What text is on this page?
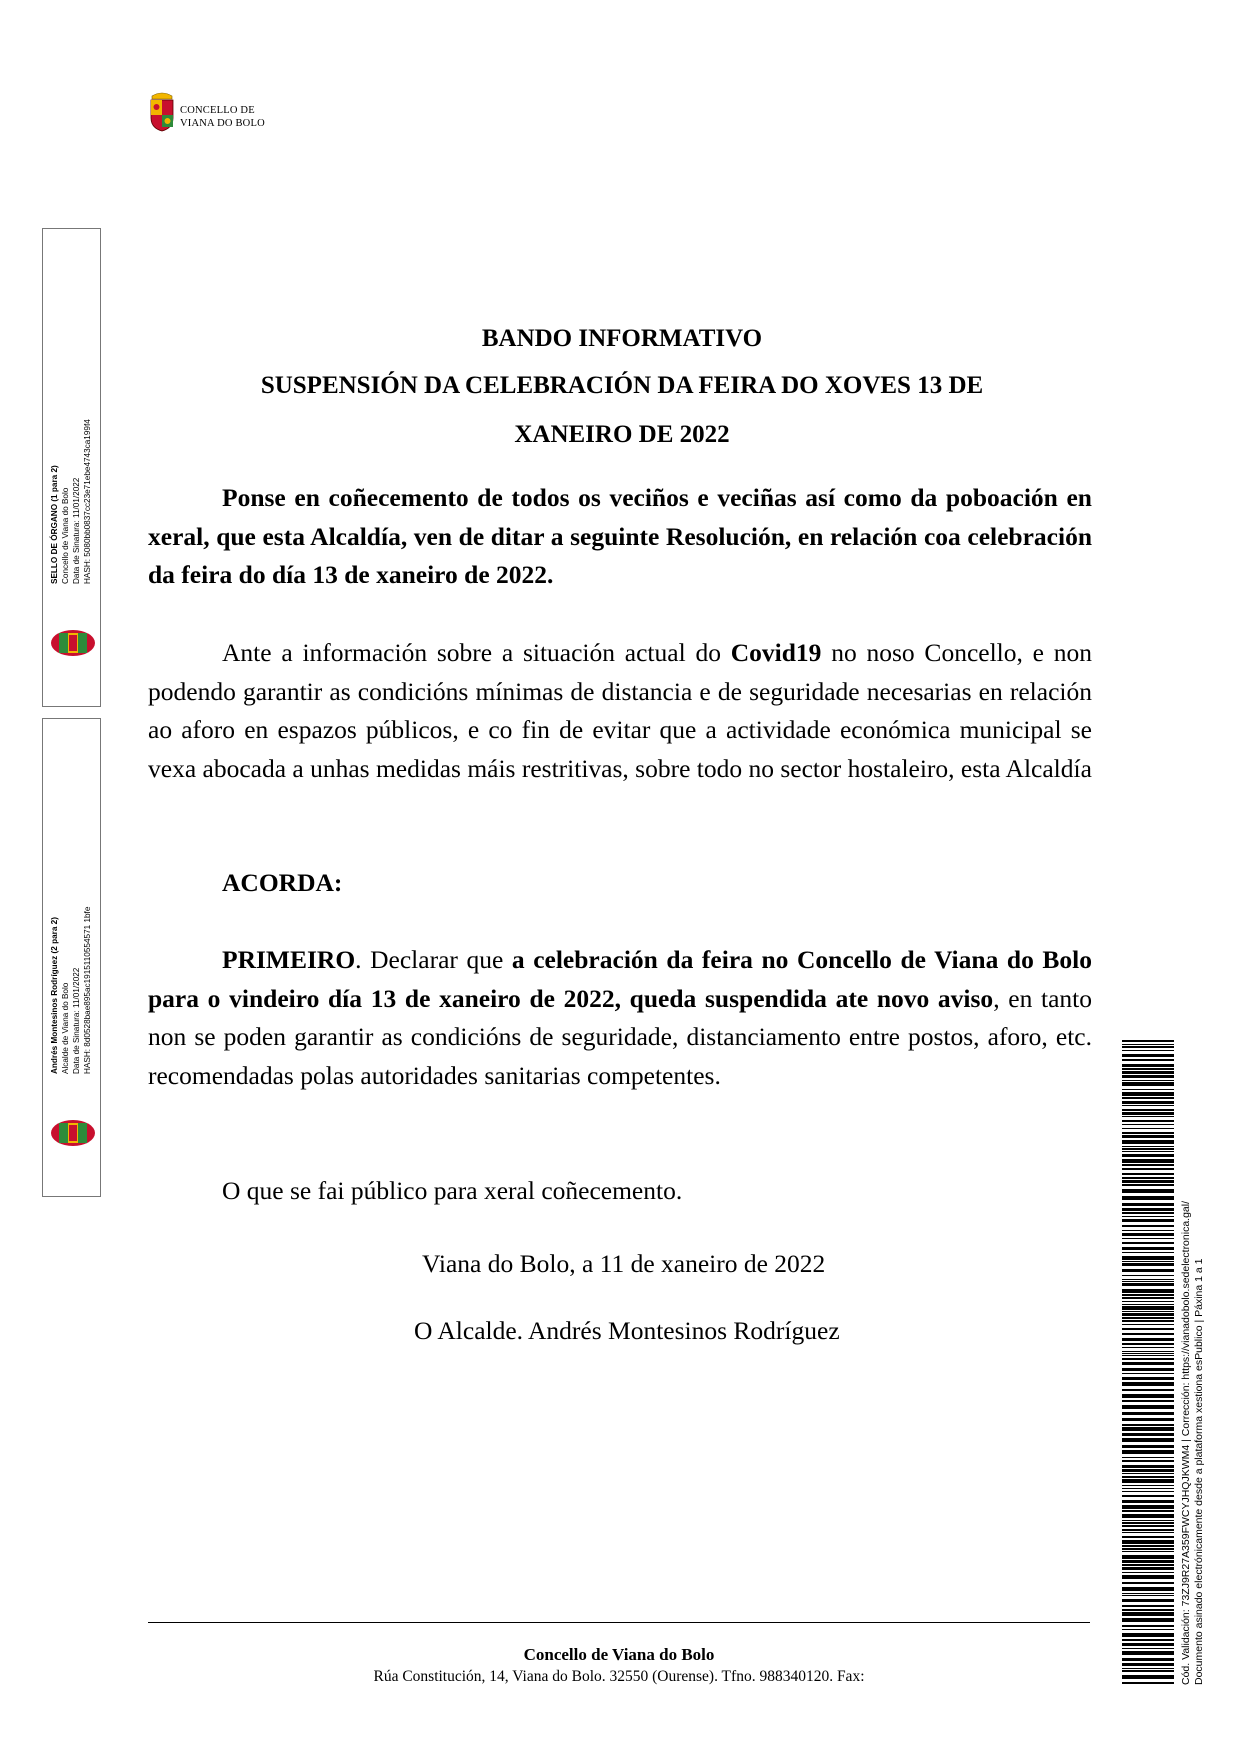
CONCELLO DE
VIANA DO BOLO
SELLO DE ÓRGANO (1 para 2) Concello de Viana do Bolo Data de Sinatura: 11/01/2022 HASH: 5080bb0837cc23e71ebe4743ca199f4
Andrés Montesinos Rodríguez (2 para 2) Alcalde de Viana do Bolo Data de Sinatura: 11/01/2022 HASH: 8d0528bae895ac1915110554571 1bfe
BANDO INFORMATIVO
SUSPENSIÓN DA CELEBRACIÓN DA FEIRA DO XOVES 13 DE
XANEIRO DE 2022
Ponse en coñecemento de todos os veciños e veciñas así como da poboación en xeral, que esta Alcaldía, ven de ditar a seguinte Resolución, en relación coa celebración da feira do día 13 de xaneiro de 2022.
Ante a información sobre a situación actual do Covid19 no noso Concello, e non podendo garantir as condicións mínimas de distancia e de seguridade necesarias en relación ao aforo en espazos públicos, e co fin de evitar que a actividade económica municipal se vexa abocada a unhas medidas máis restritivas, sobre todo no sector hostaleiro, esta Alcaldía
ACORDA:
PRIMEIRO. Declarar que a celebración da feira no Concello de Viana do Bolo para o vindeiro día 13 de xaneiro de 2022, queda suspendida ate novo aviso, en tanto non se poden garantir as condicións de seguridade, distanciamento entre postos, aforo, etc. recomendadas polas autoridades sanitarias competentes.
O que se fai público para xeral coñecemento.
Viana do Bolo, a 11 de xaneiro de 2022
O Alcalde. Andrés Montesinos Rodríguez	Cód. Validación: 73ZJ9R27A359FWCYJHQJKWM4 | Corrección: https://vianadobolo.sedelectronica.gal/ Documento asinado electrónicamente desde a plataforma xestiona esPublico | Páxina 1 a 1
Concello de Viana do Bolo
Rúa Constitución, 14, Viana do Bolo. 32550 (Ourense). Tfno. 988340120. Fax:
